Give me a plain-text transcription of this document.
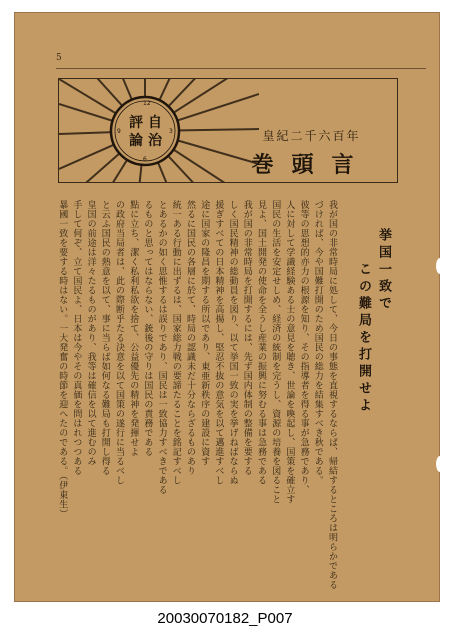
5
12
3
6
9
自
治
評
論	皇紀二千六百年
巻頭言
挙国一致で
この難局を打開せよ
我が国の非常時局に処して、今日の事態を直視するならば、帰結するところは明らかである
づければ、今や国難打開のため国民の総力を結集すべき秋である。
彼等の思想的亦力の根源を知り、その指導者を得る事が急務であり、
人に対して学識経験ある士の意見を聴き、世論を喚起し、国策を確立す
国民の生活を安定せしめ、経済の統制を完うし、資源の培養を図ること
見よ、国土開発の使命を全うし産業の振興に努むる事は急務である
我が国の非常時局を打開するには、先ず国内体制の整備を要する
しく国民精神の総動員を図り、以て挙国一致の実を挙げねばならぬ
援ぎすべての日本精神を高揚し、堅忍不抜の意気を以て邁進すべし
途に国家の隆昌を期する所以であり、東亜新秩序の建設に資す
然るに国民の各層に於て、時局の認識未だ十分ならざるものあり
統一ある行動に出ずるは、国家総力戦の要諦たることを銘記すべし
とあるかの如く思惟するは誤りであり、国民は一致協力すべきである
るものと思ってはならない、銃後の守りは国民の責務である
點に立ち、潔く私利私欲を捨て、公益優先の精神を発揮せよ
の政府当局者は、此の際断乎たる決意を以て国策の遂行に当るべし
と云ふ国民の熱意を以て、事に当らば如何なる難局も打開し得る
皇国の前途は洋々たるものがあり、我等は確信を以て進むのみ
手して何ぞ、立て国民よ、日本は今やその真価を問はれつつある
暴國一致を要する時はない。一大発奮の時節を迎へたのである。（伊東生）
20030070182_P007
